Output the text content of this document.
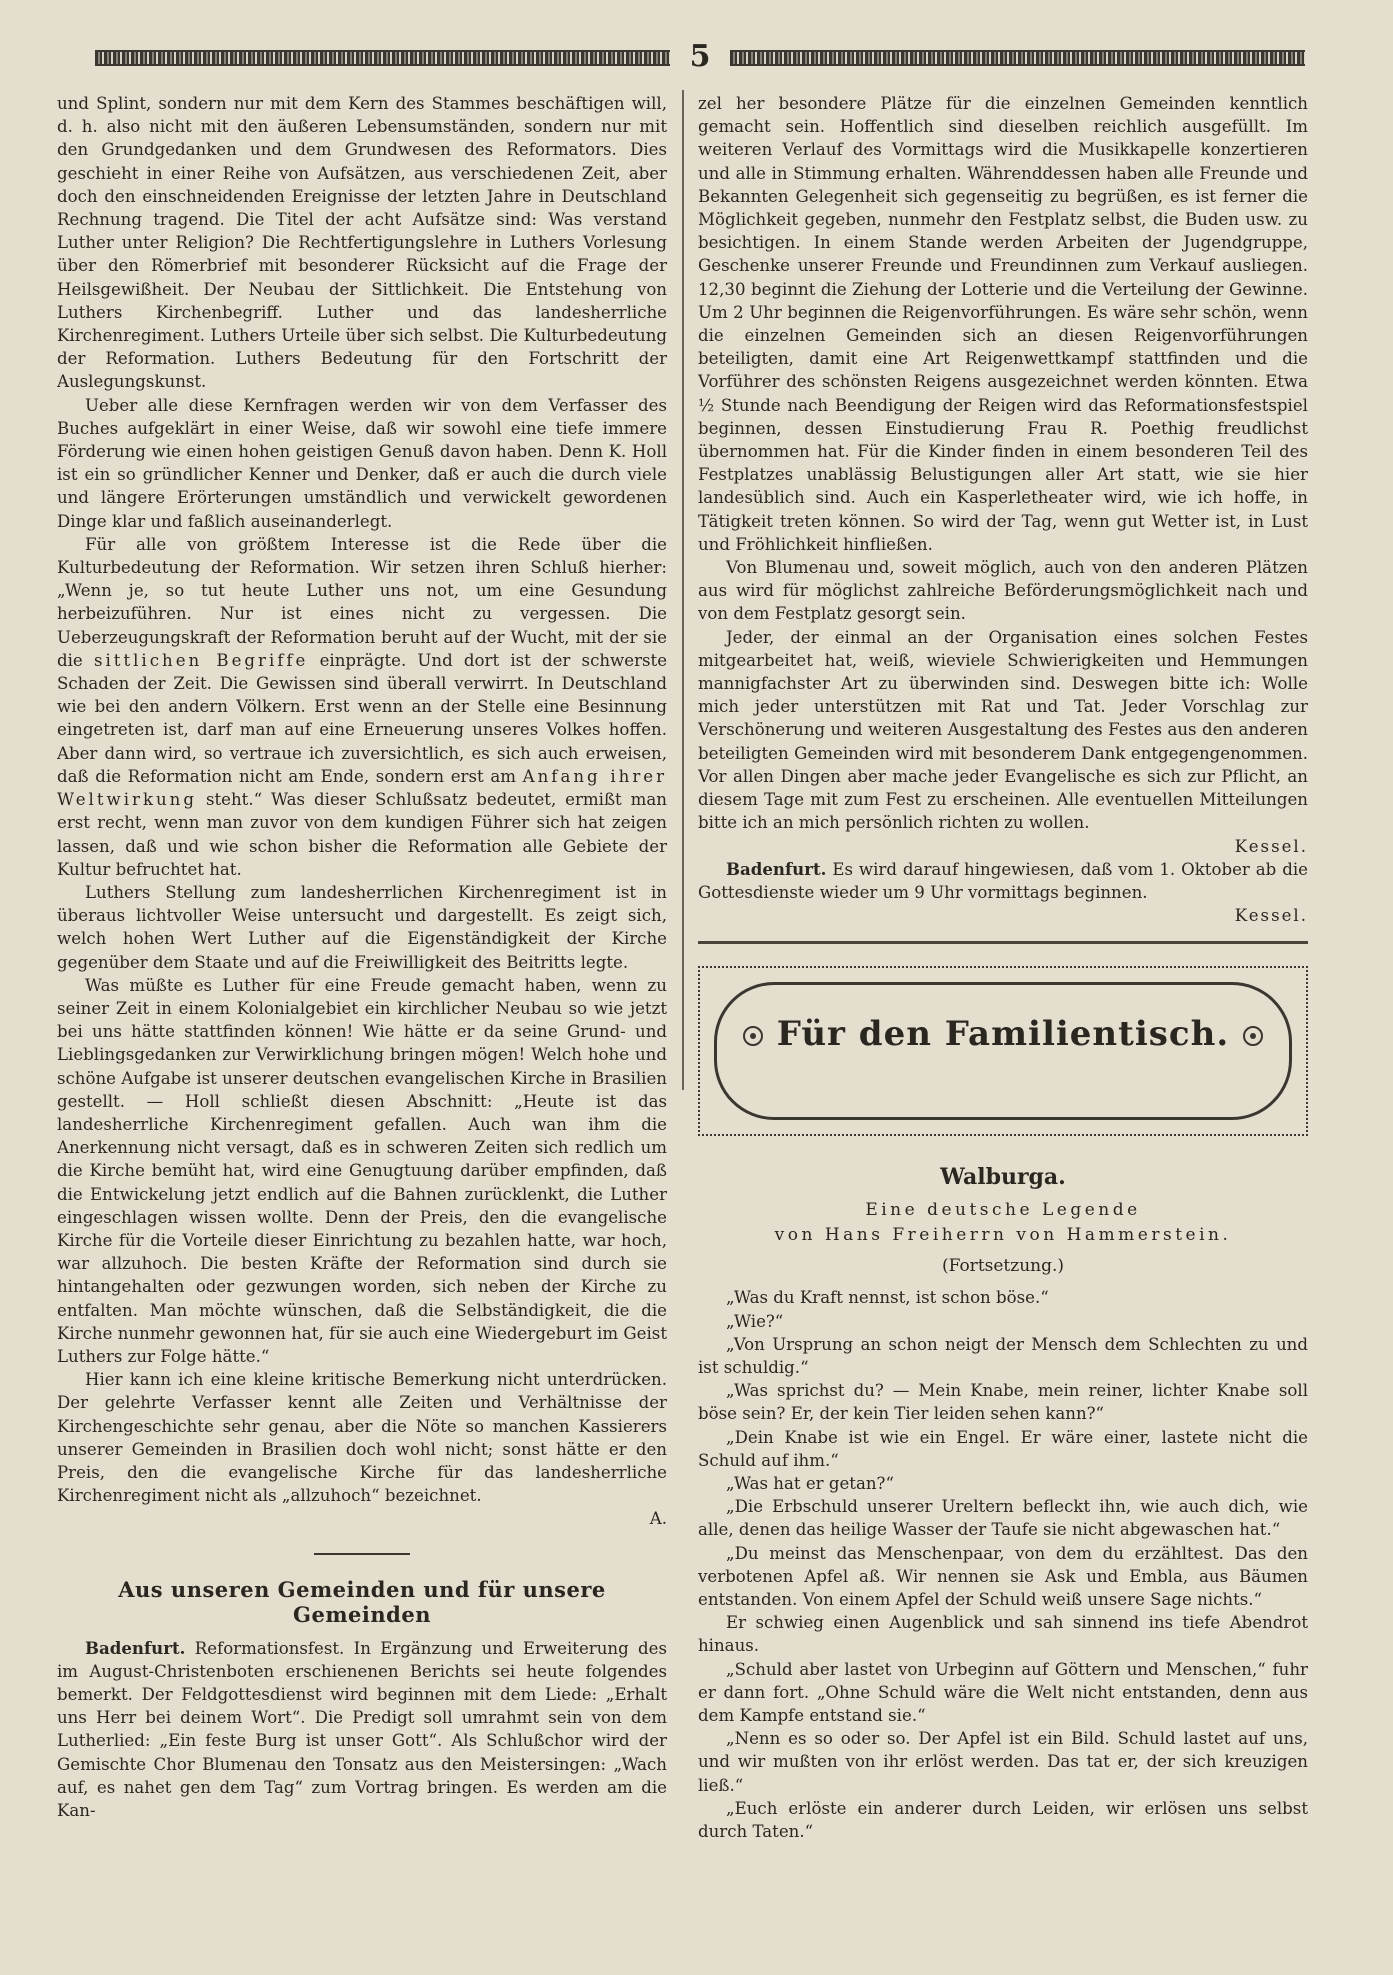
5

und Splint, sondern nur mit dem Kern des Stammes beschäftigen will, d. h. also nicht mit den äußeren Lebensumständen, sondern nur mit den Grundgedanken und dem Grundwesen des Reformators. Dies geschieht in einer Reihe von Aufsätzen, aus verschiedenen Zeit, aber doch den einschneidenden Ereignisse der letzten Jahre in Deutschland Rechnung tragend. Die Titel der acht Aufsätze sind: Was verstand Luther unter Religion? Die Rechtfertigungslehre in Luthers Vorlesung über den Römerbrief mit besonderer Rücksicht auf die Frage der Heilsgewißheit. Der Neubau der Sittlichkeit. Die Entstehung von Luthers Kirchenbegriff. Luther und das landesherrliche Kirchenregiment. Luthers Urteile über sich selbst. Die Kulturbedeutung der Reformation. Luthers Bedeutung für den Fortschritt der Auslegungskunst.

Ueber alle diese Kernfragen werden wir von dem Verfasser des Buches aufgeklärt in einer Weise, daß wir sowohl eine tiefe immere Förderung wie einen hohen geistigen Genuß davon haben. Denn K. Holl ist ein so gründlicher Kenner und Denker, daß er auch die durch viele und längere Erörterungen umständlich und verwickelt gewordenen Dinge klar und faßlich auseinanderlegt.

Für alle von größtem Interesse ist die Rede über die Kulturbedeutung der Reformation. Wir setzen ihren Schluß hierher: „Wenn je, so tut heute Luther uns not, um eine Gesundung herbeizuführen. Nur ist eines nicht zu vergessen. Die Ueberzeugungskraft der Reformation beruht auf der Wucht, mit der sie die sittlichen Begriffe einprägte. Und dort ist der schwerste Schaden der Zeit. Die Gewissen sind überall verwirrt. In Deutschland wie bei den andern Völkern. Erst wenn an der Stelle eine Besinnung eingetreten ist, darf man auf eine Erneuerung unseres Volkes hoffen. Aber dann wird, so vertraue ich zuversichtlich, es sich auch erweisen, daß die Reformation nicht am Ende, sondern erst am Anfang ihrer Weltwirkung steht.“ Was dieser Schlußsatz bedeutet, ermißt man erst recht, wenn man zuvor von dem kundigen Führer sich hat zeigen lassen, daß und wie schon bisher die Reformation alle Gebiete der Kultur befruchtet hat.

Luthers Stellung zum landesherrlichen Kirchenregiment ist in überaus lichtvoller Weise untersucht und dargestellt. Es zeigt sich, welch hohen Wert Luther auf die Eigenständigkeit der Kirche gegenüber dem Staate und auf die Freiwilligkeit des Beitritts legte.

Was müßte es Luther für eine Freude gemacht haben, wenn zu seiner Zeit in einem Kolonialgebiet ein kirchlicher Neubau so wie jetzt bei uns hätte stattfinden können! Wie hätte er da seine Grund- und Lieblingsgedanken zur Verwirklichung bringen mögen! Welch hohe und schöne Aufgabe ist unserer deutschen evangelischen Kirche in Brasilien gestellt. — Holl schließt diesen Abschnitt: „Heute ist das landesherrliche Kirchenregiment gefallen. Auch wan ihm die Anerkennung nicht versagt, daß es in schweren Zeiten sich redlich um die Kirche bemüht hat, wird eine Genugtuung darüber empfinden, daß die Entwickelung jetzt endlich auf die Bahnen zurücklenkt, die Luther eingeschlagen wissen wollte. Denn der Preis, den die evangelische Kirche für die Vorteile dieser Einrichtung zu bezahlen hatte, war hoch, war allzuhoch. Die besten Kräfte der Reformation sind durch sie hintangehalten oder gezwungen worden, sich neben der Kirche zu entfalten. Man möchte wünschen, daß die Selbständigkeit, die die Kirche nunmehr gewonnen hat, für sie auch eine Wiedergeburt im Geist Luthers zur Folge hätte.“

Hier kann ich eine kleine kritische Bemerkung nicht unterdrücken. Der gelehrte Verfasser kennt alle Zeiten und Verhältnisse der Kirchengeschichte sehr genau, aber die Nöte so manchen Kassierers unserer Gemeinden in Brasilien doch wohl nicht; sonst hätte er den Preis, den die evangelische Kirche für das landesherrliche Kirchenregiment nicht als „allzuhoch“ bezeichnet.

A.

Aus unseren Gemeinden und für unsere Gemeinden

Badenfurt. Reformationsfest. In Ergänzung und Erweiterung des im August-Christenboten erschienenen Berichts sei heute folgendes bemerkt. Der Feldgottesdienst wird beginnen mit dem Liede: „Erhalt uns Herr bei deinem Wort“. Die Predigt soll umrahmt sein von dem Lutherlied: „Ein feste Burg ist unser Gott“. Als Schlußchor wird der Gemischte Chor Blumenau den Tonsatz aus den Meistersingen: „Wach auf, es nahet gen dem Tag“ zum Vortrag bringen. Es werden am die Kan-

zel her besondere Plätze für die einzelnen Gemeinden kenntlich gemacht sein. Hoffentlich sind dieselben reichlich ausgefüllt. Im weiteren Verlauf des Vormittags wird die Musikkapelle konzertieren und alle in Stimmung erhalten. Währenddessen haben alle Freunde und Bekannten Gelegenheit sich gegenseitig zu begrüßen, es ist ferner die Möglichkeit gegeben, nunmehr den Festplatz selbst, die Buden usw. zu besichtigen. In einem Stande werden Arbeiten der Jugendgruppe, Geschenke unserer Freunde und Freundinnen zum Verkauf ausliegen. 12,30 beginnt die Ziehung der Lotterie und die Verteilung der Gewinne. Um 2 Uhr beginnen die Reigenvorführungen. Es wäre sehr schön, wenn die einzelnen Gemeinden sich an diesen Reigenvorführungen beteiligten, damit eine Art Reigenwettkampf stattfinden und die Vorführer des schönsten Reigens ausgezeichnet werden könnten. Etwa ½ Stunde nach Beendigung der Reigen wird das Reformationsfestspiel beginnen, dessen Einstudierung Frau R. Poethig freudlichst übernommen hat. Für die Kinder finden in einem besonderen Teil des Festplatzes unablässig Belustigungen aller Art statt, wie sie hier landesüblich sind. Auch ein Kasperletheater wird, wie ich hoffe, in Tätigkeit treten können. So wird der Tag, wenn gut Wetter ist, in Lust und Fröhlichkeit hinfließen.

Von Blumenau und, soweit möglich, auch von den anderen Plätzen aus wird für möglichst zahlreiche Beförderungsmöglichkeit nach und von dem Festplatz gesorgt sein.

Jeder, der einmal an der Organisation eines solchen Festes mitgearbeitet hat, weiß, wieviele Schwierigkeiten und Hemmungen mannigfachster Art zu überwinden sind. Deswegen bitte ich: Wolle mich jeder unterstützen mit Rat und Tat. Jeder Vorschlag zur Verschönerung und weiteren Ausgestaltung des Festes aus den anderen beteiligten Gemeinden wird mit besonderem Dank entgegengenommen. Vor allen Dingen aber mache jeder Evangelische es sich zur Pflicht, an diesem Tage mit zum Fest zu erscheinen. Alle eventuellen Mitteilungen bitte ich an mich persönlich richten zu wollen.

Kessel.

Badenfurt. Es wird darauf hingewiesen, daß vom 1. Oktober ab die Gottesdienste wieder um 9 Uhr vormittags beginnen.

Kessel.
Für den Familientisch.
Walburga.

Eine deutsche Legende

von Hans Freiherrn von Hammerstein.

(Fortsetzung.)

„Was du Kraft nennst, ist schon böse.“

„Wie?“

„Von Ursprung an schon neigt der Mensch dem Schlechten zu und ist schuldig.“

„Was sprichst du? — Mein Knabe, mein reiner, lichter Knabe soll böse sein? Er, der kein Tier leiden sehen kann?“

„Dein Knabe ist wie ein Engel. Er wäre einer, lastete nicht die Schuld auf ihm.“

„Was hat er getan?“

„Die Erbschuld unserer Ureltern befleckt ihn, wie auch dich, wie alle, denen das heilige Wasser der Taufe sie nicht abgewaschen hat.“

„Du meinst das Menschenpaar, von dem du erzähltest. Das den verbotenen Apfel aß. Wir nennen sie Ask und Embla, aus Bäumen entstanden. Von einem Apfel der Schuld weiß unsere Sage nichts.“

Er schwieg einen Augenblick und sah sinnend ins tiefe Abendrot hinaus.

„Schuld aber lastet von Urbeginn auf Göttern und Menschen,“ fuhr er dann fort. „Ohne Schuld wäre die Welt nicht entstanden, denn aus dem Kampfe entstand sie.“

„Nenn es so oder so. Der Apfel ist ein Bild. Schuld lastet auf uns, und wir mußten von ihr erlöst werden. Das tat er, der sich kreuzigen ließ.“

„Euch erlöste ein anderer durch Leiden, wir erlösen uns selbst durch Taten.“
